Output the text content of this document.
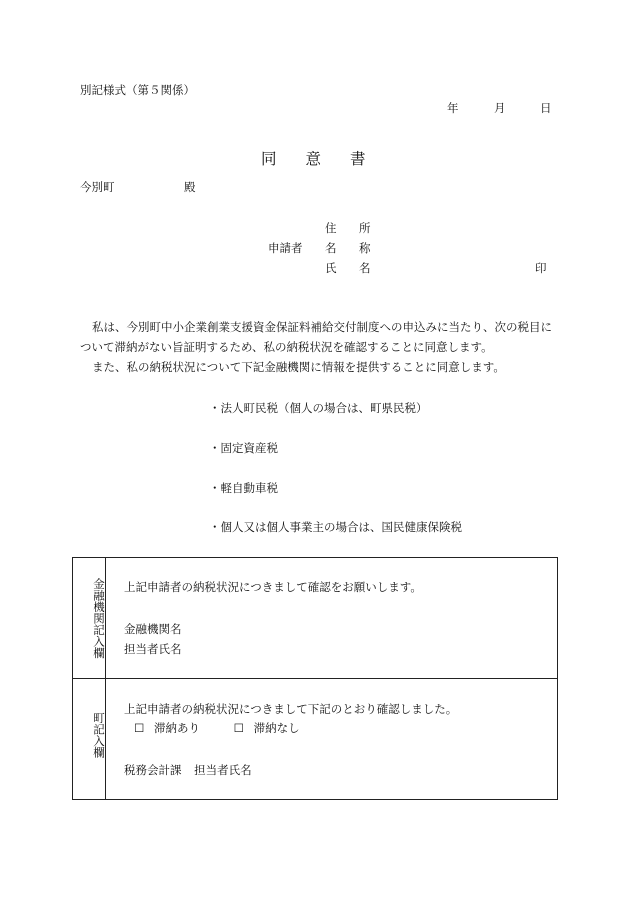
別記様式（第５関係）
年	月	日
同 意 書
今別町	殿
住 所
申請者 名 称
氏 名	印

私は、今別町中小企業創業支援資金保証料補給交付制度への申込みに当たり、次の税目について滞納がない旨証明するため、私の納税状況を確認することに同意します。

また、私の納税状況について下記金融機関に情報を提供することに同意します。

・法人町民税（個人の場合は、町県民税）
・固定資産税
・軽自動車税
・個人又は個人事業主の場合は、国民健康保険税
金融機関記入欄	上記申請者の納税状況につきまして確認をお願いします。
金融機関名
担当者氏名

町記入欄	上記申請者の納税状況につきまして下記のとおり確認しました。
☐ 滞納あり ☐ 滞納なし
税務会計課 担当者氏名
